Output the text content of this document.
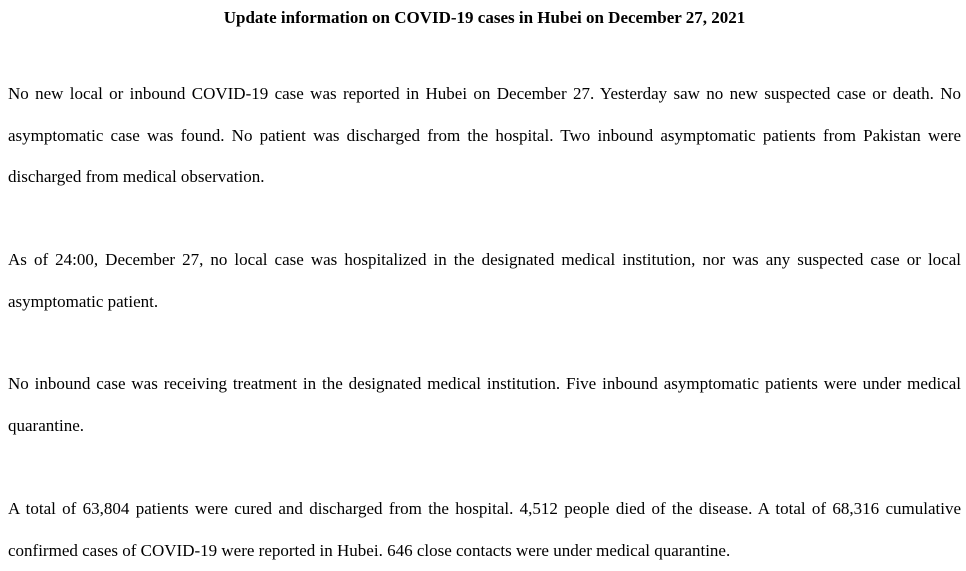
Update information on COVID-19 cases in Hubei on December 27, 2021

No new local or inbound COVID-19 case was reported in Hubei on December 27. Yesterday saw no new suspected case or death. No asymptomatic case was found. No patient was discharged from the hospital. Two inbound asymptomatic patients from Pakistan were discharged from medical observation.

As of 24:00, December 27, no local case was hospitalized in the designated medical institution, nor was any suspected case or local asymptomatic patient.

No inbound case was receiving treatment in the designated medical institution. Five inbound asymptomatic patients were under medical quarantine.

A total of 63,804 patients were cured and discharged from the hospital. 4,512 people died of the disease. A total of 68,316 cumulative confirmed cases of COVID-19 were reported in Hubei. 646 close contacts were under medical quarantine.
